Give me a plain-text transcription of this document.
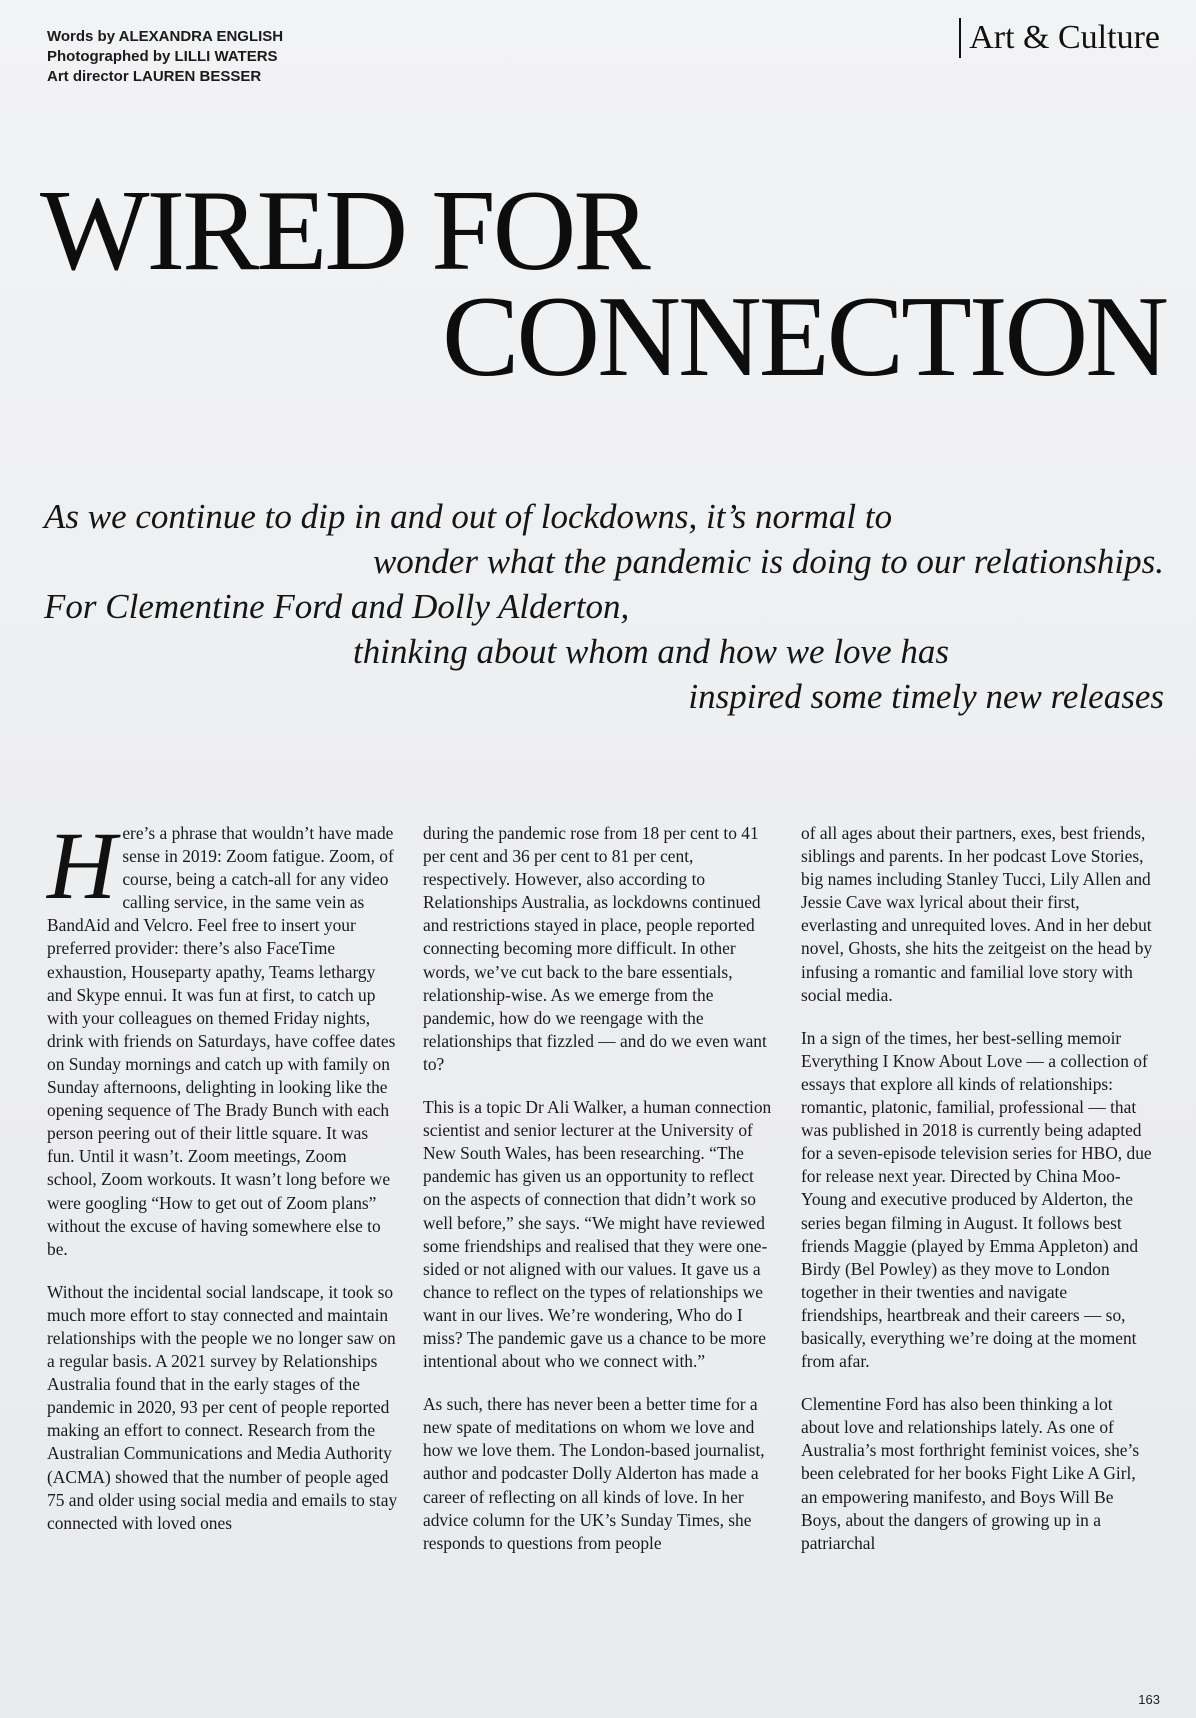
Words by ALEXANDRA ENGLISH
Photographed by LILLI WATERS
Art director LAUREN BESSER
Art & Culture
WIRED FOR
CONNECTION
As we continue to dip in and out of lockdowns, it’s normal to
wonder what the pandemic is doing to our relationships.
For Clementine Ford and Dolly Alderton,
thinking about whom and how we love has
inspired some timely new releases

Here’s a phrase that wouldn’t have made sense in 2019: Zoom fatigue. Zoom, of course, being a catch-all for any video calling service, in the same vein as BandAid and Velcro. Feel free to insert your preferred provider: there’s also FaceTime exhaustion, Houseparty apathy, Teams lethargy and Skype ennui. It was fun at first, to catch up with your colleagues on themed Friday nights, drink with friends on Saturdays, have coffee dates on Sunday mornings and catch up with family on Sunday afternoons, delighting in looking like the opening sequence of The Brady Bunch with each person peering out of their little square. It was fun. Until it wasn’t. Zoom meetings, Zoom school, Zoom workouts. It wasn’t long before we were googling “How to get out of Zoom plans” without the excuse of having somewhere else to be.

Without the incidental social landscape, it took so much more effort to stay connected and maintain relationships with the people we no longer saw on a regular basis. A 2021 survey by Relationships Australia found that in the early stages of the pandemic in 2020, 93 per cent of people reported making an effort to connect. Research from the Australian Communications and Media Authority (ACMA) showed that the number of people aged 75 and older using social media and emails to stay connected with loved ones

during the pandemic rose from 18 per cent to 41 per cent and 36 per cent to 81 per cent, respectively. However, also according to Relationships Australia, as lockdowns continued and restrictions stayed in place, people reported connecting becoming more difficult. In other words, we’ve cut back to the bare essentials, relationship-wise. As we emerge from the pandemic, how do we reengage with the relationships that fizzled — and do we even want to?

This is a topic Dr Ali Walker, a human connection scientist and senior lecturer at the University of New South Wales, has been researching. “The pandemic has given us an opportunity to reflect on the aspects of connection that didn’t work so well before,” she says. “We might have reviewed some friendships and realised that they were one-sided or not aligned with our values. It gave us a chance to reflect on the types of relationships we want in our lives. We’re wondering, Who do I miss? The pandemic gave us a chance to be more intentional about who we connect with.”

As such, there has never been a better time for a new spate of meditations on whom we love and how we love them. The London-based journalist, author and podcaster Dolly Alderton has made a career of reflecting on all kinds of love. In her advice column for the UK’s Sunday Times, she responds to questions from people

of all ages about their partners, exes, best friends, siblings and parents. In her podcast Love Stories, big names including Stanley Tucci, Lily Allen and Jessie Cave wax lyrical about their first, everlasting and unrequited loves. And in her debut novel, Ghosts, she hits the zeitgeist on the head by infusing a romantic and familial love story with social media.

In a sign of the times, her best-selling memoir Everything I Know About Love — a collection of essays that explore all kinds of relationships: romantic, platonic, familial, professional — that was published in 2018 is currently being adapted for a seven-episode television series for HBO, due for release next year. Directed by China Moo-Young and executive produced by Alderton, the series began filming in August. It follows best friends Maggie (played by Emma Appleton) and Birdy (Bel Powley) as they move to London together in their twenties and navigate friendships, heartbreak and their careers — so, basically, everything we’re doing at the moment from afar.

Clementine Ford has also been thinking a lot about love and relationships lately. As one of Australia’s most forthright feminist voices, she’s been celebrated for her books Fight Like A Girl, an empowering manifesto, and Boys Will Be Boys, about the dangers of growing up in a patriarchal

163
